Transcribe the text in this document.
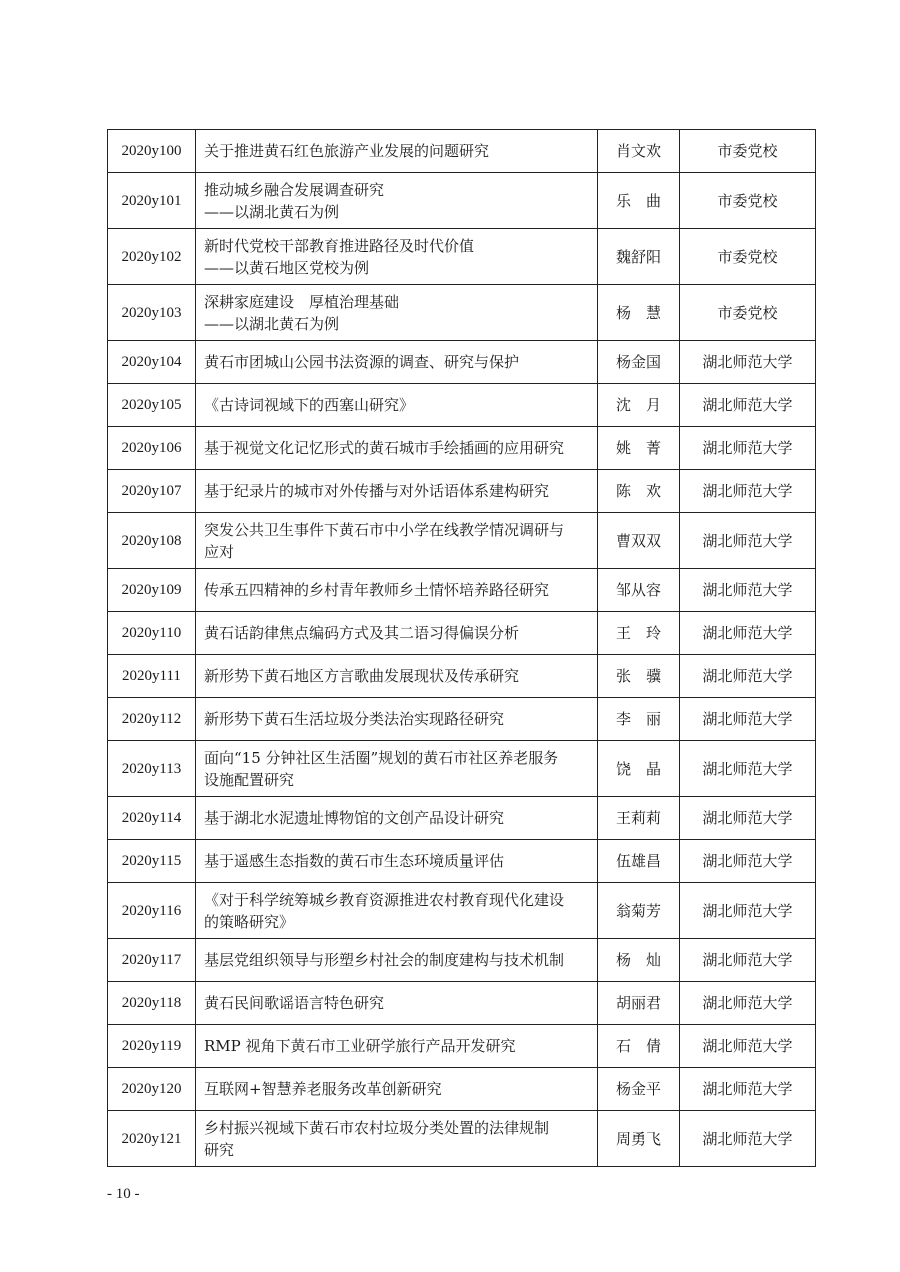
2020y100	关于推进黄石红色旅游产业发展的问题研究	肖文欢	市委党校
2020y101	推动城乡融合发展调查研究
——以湖北黄石为例	乐　曲	市委党校
2020y102	新时代党校干部教育推进路径及时代价值
——以黄石地区党校为例	魏舒阳	市委党校
2020y103	深耕家庭建设　厚植治理基础
——以湖北黄石为例	杨　慧	市委党校
2020y104	黄石市团城山公园书法资源的调查、研究与保护	杨金国	湖北师范大学
2020y105	《古诗词视域下的西塞山研究》	沈　月	湖北师范大学
2020y106	基于视觉文化记忆形式的黄石城市手绘插画的应用研究	姚　菁	湖北师范大学
2020y107	基于纪录片的城市对外传播与对外话语体系建构研究	陈　欢	湖北师范大学
2020y108	突发公共卫生事件下黄石市中小学在线教学情况调研与
应对	曹双双	湖北师范大学
2020y109	传承五四精神的乡村青年教师乡土情怀培养路径研究	邹从容	湖北师范大学
2020y110	黄石话韵律焦点编码方式及其二语习得偏误分析	王　玲	湖北师范大学
2020y111	新形势下黄石地区方言歌曲发展现状及传承研究	张　骥	湖北师范大学
2020y112	新形势下黄石生活垃圾分类法治实现路径研究	李　丽	湖北师范大学
2020y113	面向“15 分钟社区生活圈”规划的黄石市社区养老服务
设施配置研究	饶　晶	湖北师范大学
2020y114	基于湖北水泥遗址博物馆的文创产品设计研究	王莉莉	湖北师范大学
2020y115	基于遥感生态指数的黄石市生态环境质量评估	伍雄昌	湖北师范大学
2020y116	《对于科学统筹城乡教育资源推进农村教育现代化建设
的策略研究》	翁菊芳	湖北师范大学
2020y117	基层党组织领导与形塑乡村社会的制度建构与技术机制	杨　灿	湖北师范大学
2020y118	黄石民间歌谣语言特色研究	胡丽君	湖北师范大学
2020y119	RMP 视角下黄石市工业研学旅行产品开发研究	石　倩	湖北师范大学
2020y120	互联网+智慧养老服务改革创新研究	杨金平	湖北师范大学
2020y121	乡村振兴视域下黄石市农村垃圾分类处置的法律规制
研究	周勇飞	湖北师范大学
- 10 -
